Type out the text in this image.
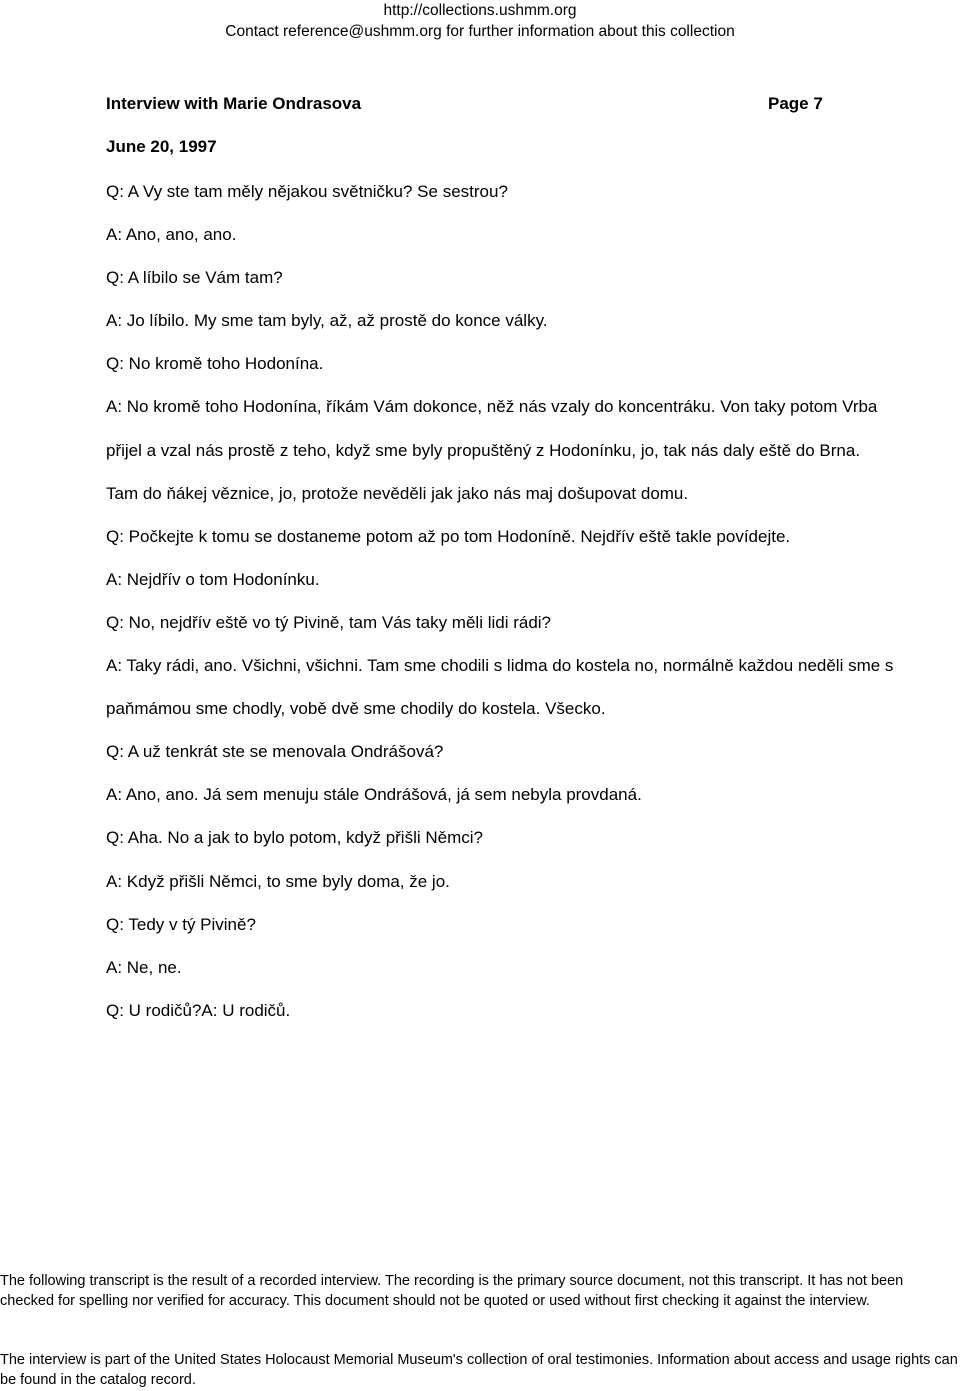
http://collections.ushmm.org
Contact reference@ushmm.org for further information about this collection
Interview with Marie Ondrasova	Page 7
June 20, 1997

Q: A Vy ste tam měly nějakou světničku? Se sestrou?

A: Ano, ano, ano.

Q: A líbilo se Vám tam?

A: Jo líbilo. My sme tam byly, až, až prostě do konce války.

Q: No kromě toho Hodonína.

A: No kromě toho Hodonína, říkám Vám dokonce, něž nás vzaly do koncentráku. Von taky potom Vrba přijel a vzal nás prostě z teho, když sme byly propuštěný z Hodonínku, jo, tak nás daly eště do Brna. Tam do ňákej věznice, jo, protože nevěděli jak jako nás maj došupovat domu.

Q: Počkejte k tomu se dostaneme potom až po tom Hodoníně. Nejdřív eště takle povídejte.

A: Nejdřív o tom Hodonínku.

Q: No, nejdřív eště vo tý Pivině, tam Vás taky měli lidi rádi?

A: Taky rádi, ano. Všichni, všichni. Tam sme chodili s lidma do kostela no, normálně každou neděli sme s paňmámou sme chodly, vobě dvě sme chodily do kostela. Všecko.

Q: A už tenkrát ste se menovala Ondrášová?

A: Ano, ano. Já sem menuju stále Ondrášová, já sem nebyla provdaná.

Q: Aha. No a jak to bylo potom, když přišli Němci?

A: Když přišli Němci, to sme byly doma, že jo.

Q: Tedy v tý Pivině?

A: Ne, ne.

Q: U rodičů?A: U rodičů.

The following transcript is the result of a recorded interview. The recording is the primary source document, not this transcript. It has not been checked for spelling nor verified for accuracy. This document should not be quoted or used without first checking it against the interview.
The interview is part of the United States Holocaust Memorial Museum's collection of oral testimonies. Information about access and usage rights can be found in the catalog record.
